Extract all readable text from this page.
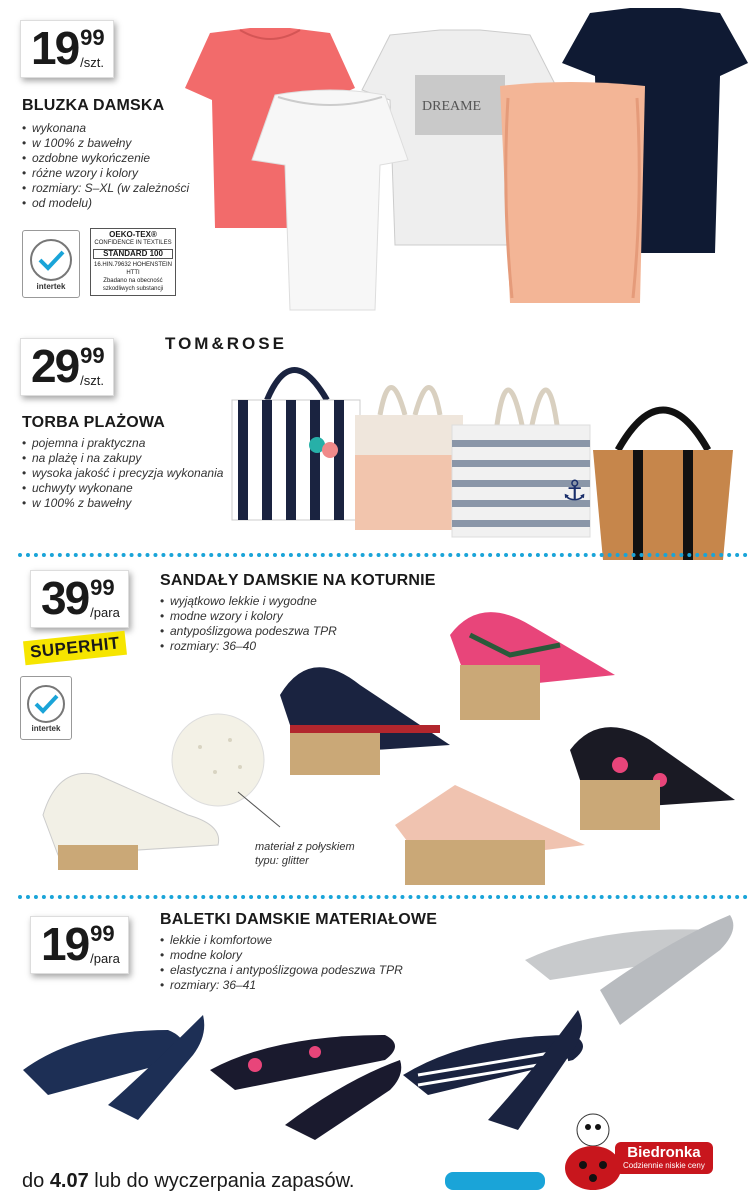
19 99
/szt.
BLUZKA DAMSKA
• wykonana
• w 100% z bawełny
• ozdobne wykończenie
• różne wzory i kolory
• rozmiary: S–XL (w zależności
• od modelu)
intertek
OEKO-TEX®
CONFIDENCE IN TEXTILES
STANDARD 100
16.HIN.79632 HOHENSTEIN HTTI
Zbadano na obecność szkodliwych substancji
DREAME
TOM&ROSE
29 99
/szt.
TORBA PLAŻOWA
• pojemna i praktyczna
• na plażę i na zakupy
• wysoka jakość i precyzja wykonania
• uchwyty wykonane
• w 100% z bawełny	⚓
39 99
/para
SUPERHIT
SANDAŁY DAMSKIE NA KOTURNIE
• wyjątkowo lekkie i wygodne
• modne wzory i kolory
• antypoślizgowa podeszwa TPR
• rozmiary: 36–40
intertek
materiał z połyskiem
typu: glitter
19 99
/para
BALETKI DAMSKIE MATERIAŁOWE
• lekkie i komfortowe
• modne kolory
• elastyczna i antypoślizgowa podeszwa TPR
• rozmiary: 36–41
do 4.07 lub do wyczerpania zapasów.
Biedronka
Codziennie niskie ceny
